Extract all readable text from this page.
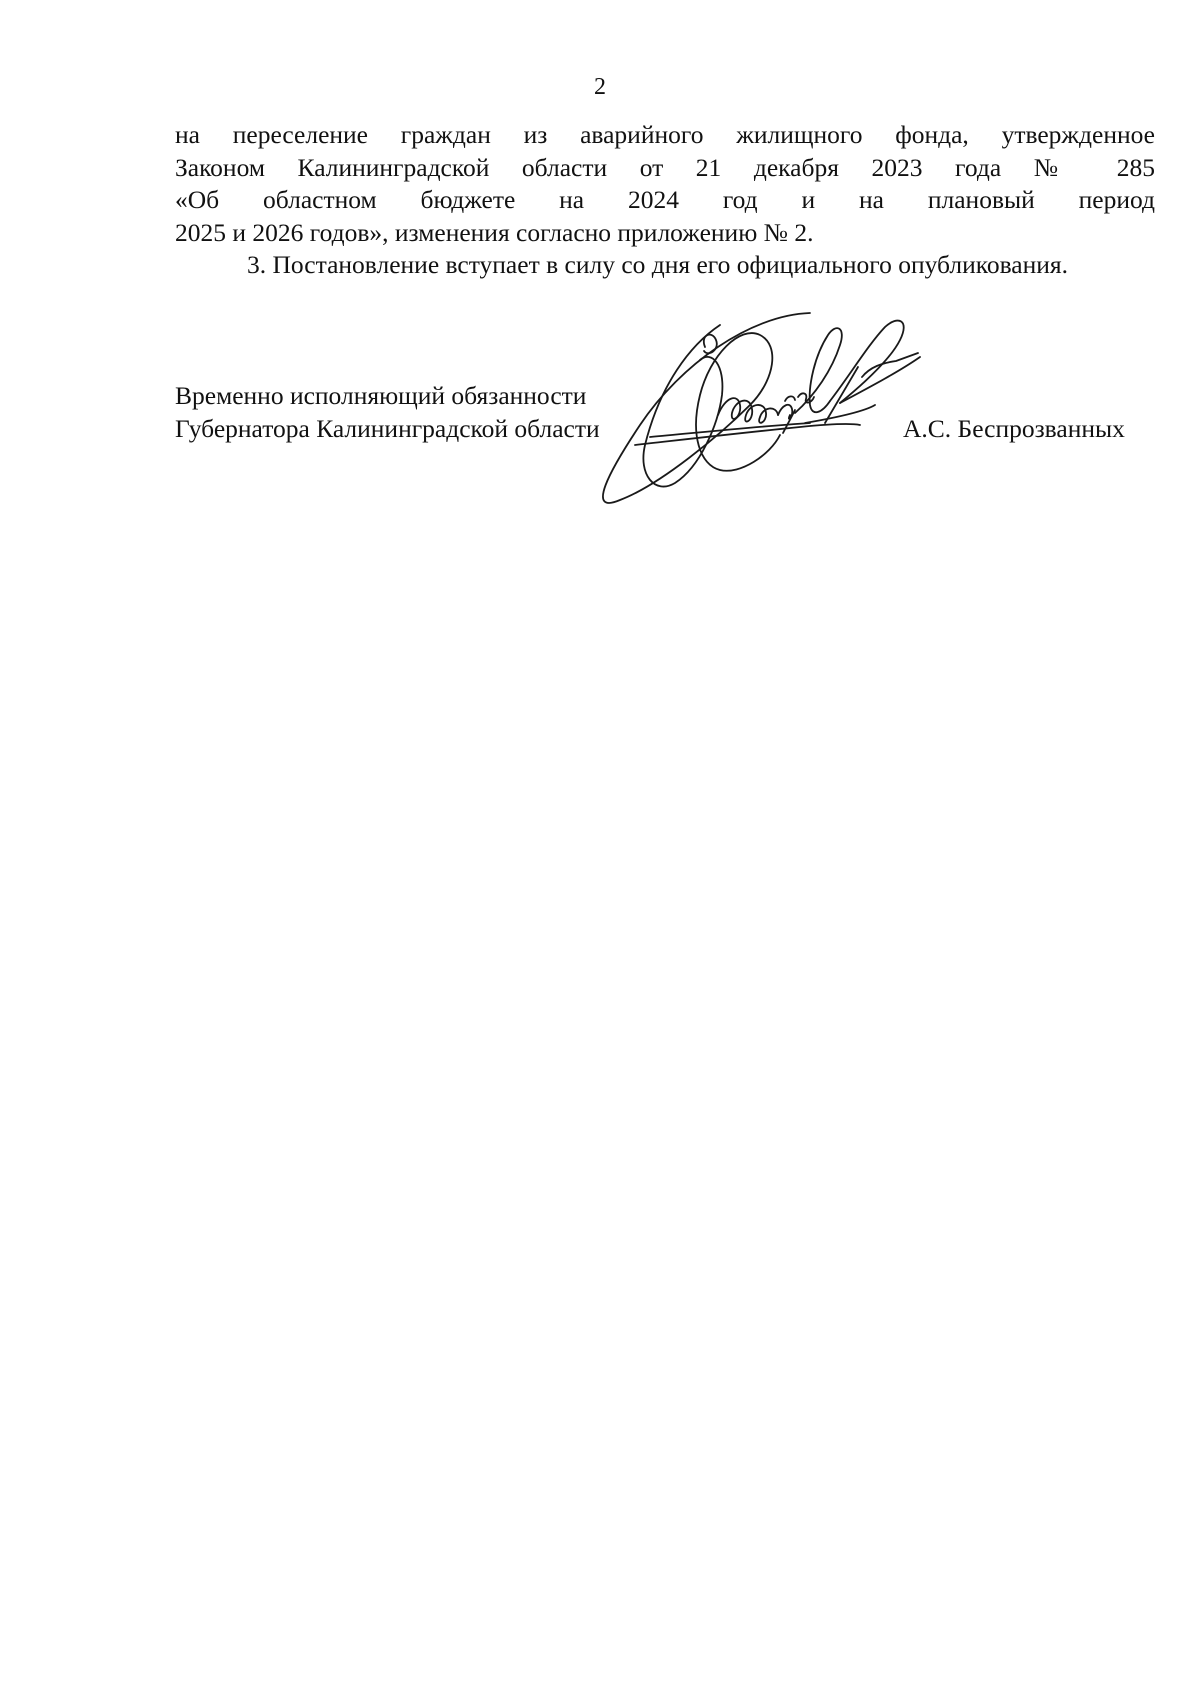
2
на переселение граждан из аварийного жилищного фонда, утвержденное
Законом Калининградской области от 21 декабря 2023 года № 285
«Об областном бюджете на 2024 год и на плановый период
2025 и 2026 годов», изменения согласно приложению № 2.
3. Постановление вступает в силу со дня его официального опубликования.
Временно исполняющий обязанности
Губернатора Калининградской области	А.С. Беспрозванных
